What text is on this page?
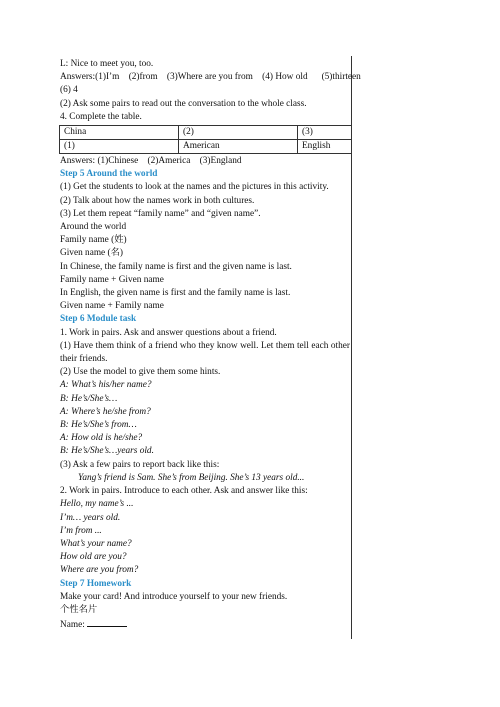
L: Nice to meet you, too.
Answers:(1)I’m (2)from (3)Where are you from (4) How old (5)thirteen
(6) 4
(2) Ask some pairs to read out the conversation to the whole class.
4. Complete the table.
China	(2)	(3)
(1)	American	English
Answers: (1)Chinese (2)America (3)England
Step 5 Around the world
(1) Get the students to look at the names and the pictures in this activity.
(2) Talk about how the names work in both cultures.
(3) Let them repeat “family name” and “given name”.
Around the world
Family name (姓)
Given name (名)
In Chinese, the family name is first and the given name is last.
Family name + Given name
In English, the given name is first and the family name is last.
Given name + Family name
Step 6 Module task
1. Work in pairs. Ask and answer questions about a friend.
(1) Have them think of a friend who they know well. Let them tell each other their friends.
(2) Use the model to give them some hints.
A: What’s his/her name?
B: He’s/She’s…
A: Where’s he/she from?
B: He’s/She’s from…
A: How old is he/she?
B: He’s/She’s…years old.
(3) Ask a few pairs to report back like this:
Yang’s friend is Sam. She’s from Beijing. She’s 13 years old...
2. Work in pairs. Introduce to each other. Ask and answer like this:
Hello, my name’s ...
I’m… years old.
I’m from ...
What’s your name?
How old are you?
Where are you from?
Step 7 Homework
Make your card! And introduce yourself to your new friends.
个性名片
Name:
